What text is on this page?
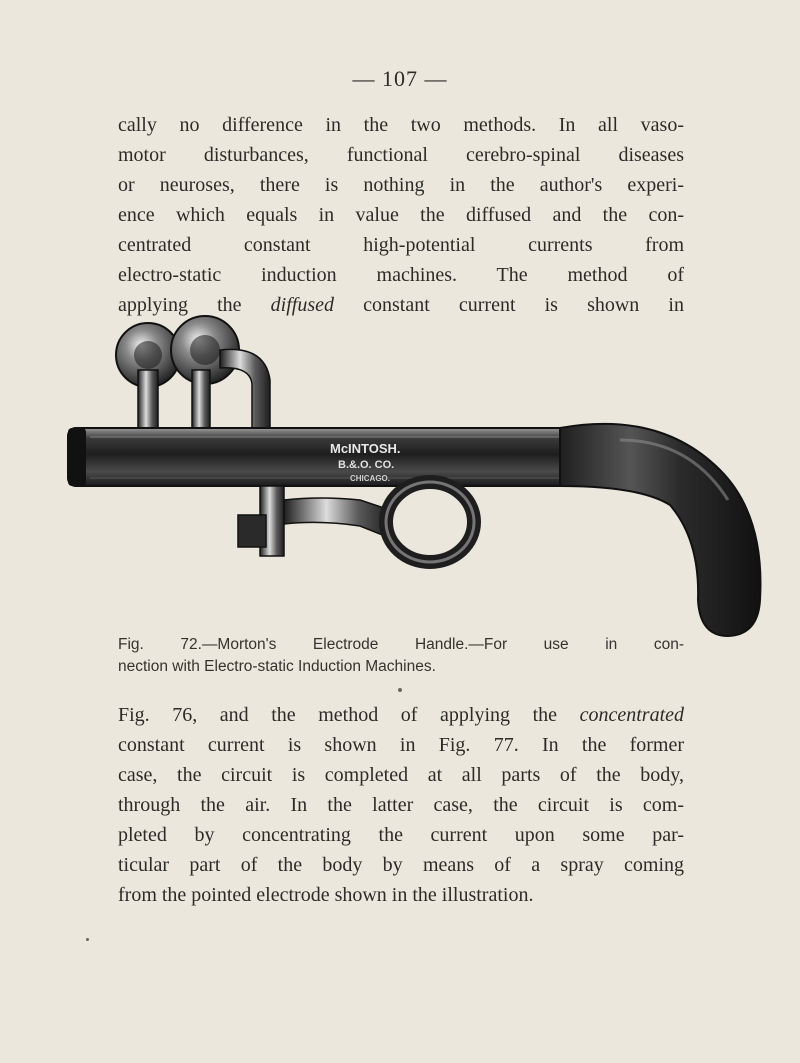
— 107 —

cally no difference in the two methods. In all vaso-
motor disturbances, functional cerebro-spinal diseases
or neuroses, there is nothing in the author's experi-
ence which equals in value the diffused and the con-
centrated constant high-potential currents from
electro-static induction machines. The method of
applying the diffused constant current is shown in

McINTOSH.
B.&.O. CO.
CHICAGO.

Fig. 72.—Morton's Electrode Handle.—For use in con-
nection with Electro-static Induction Machines.

Fig. 76, and the method of applying the concentrated
constant current is shown in Fig. 77. In the former
case, the circuit is completed at all parts of the body,
through the air. In the latter case, the circuit is com-
pleted by concentrating the current upon some par-
ticular part of the body by means of a spray coming
from the pointed electrode shown in the illustration.
